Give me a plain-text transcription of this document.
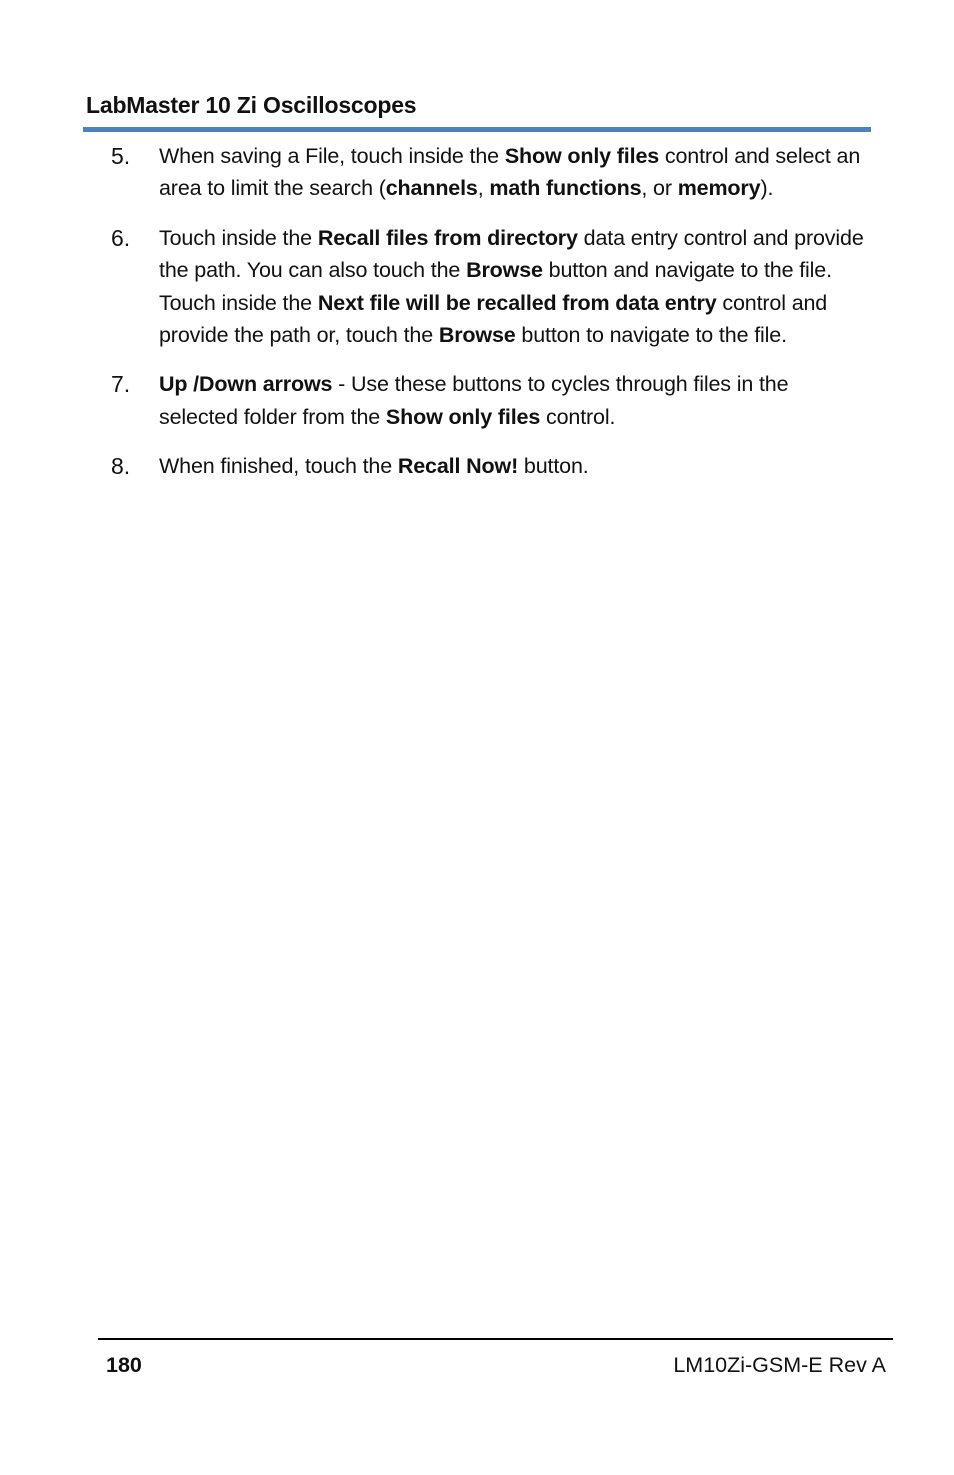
LabMaster 10 Zi Oscilloscopes
5. When saving a File, touch inside the Show only files control and select an area to limit the search (channels, math functions, or memory).
6. Touch inside the Recall files from directory data entry control and provide the path. You can also touch the Browse button and navigate to the file. Touch inside the Next file will be recalled from data entry control and provide the path or, touch the Browse button to navigate to the file.
7. Up /Down arrows - Use these buttons to cycles through files in the selected folder from the Show only files control.
8. When finished, touch the Recall Now! button.
180	LM10Zi-GSM-E Rev A
